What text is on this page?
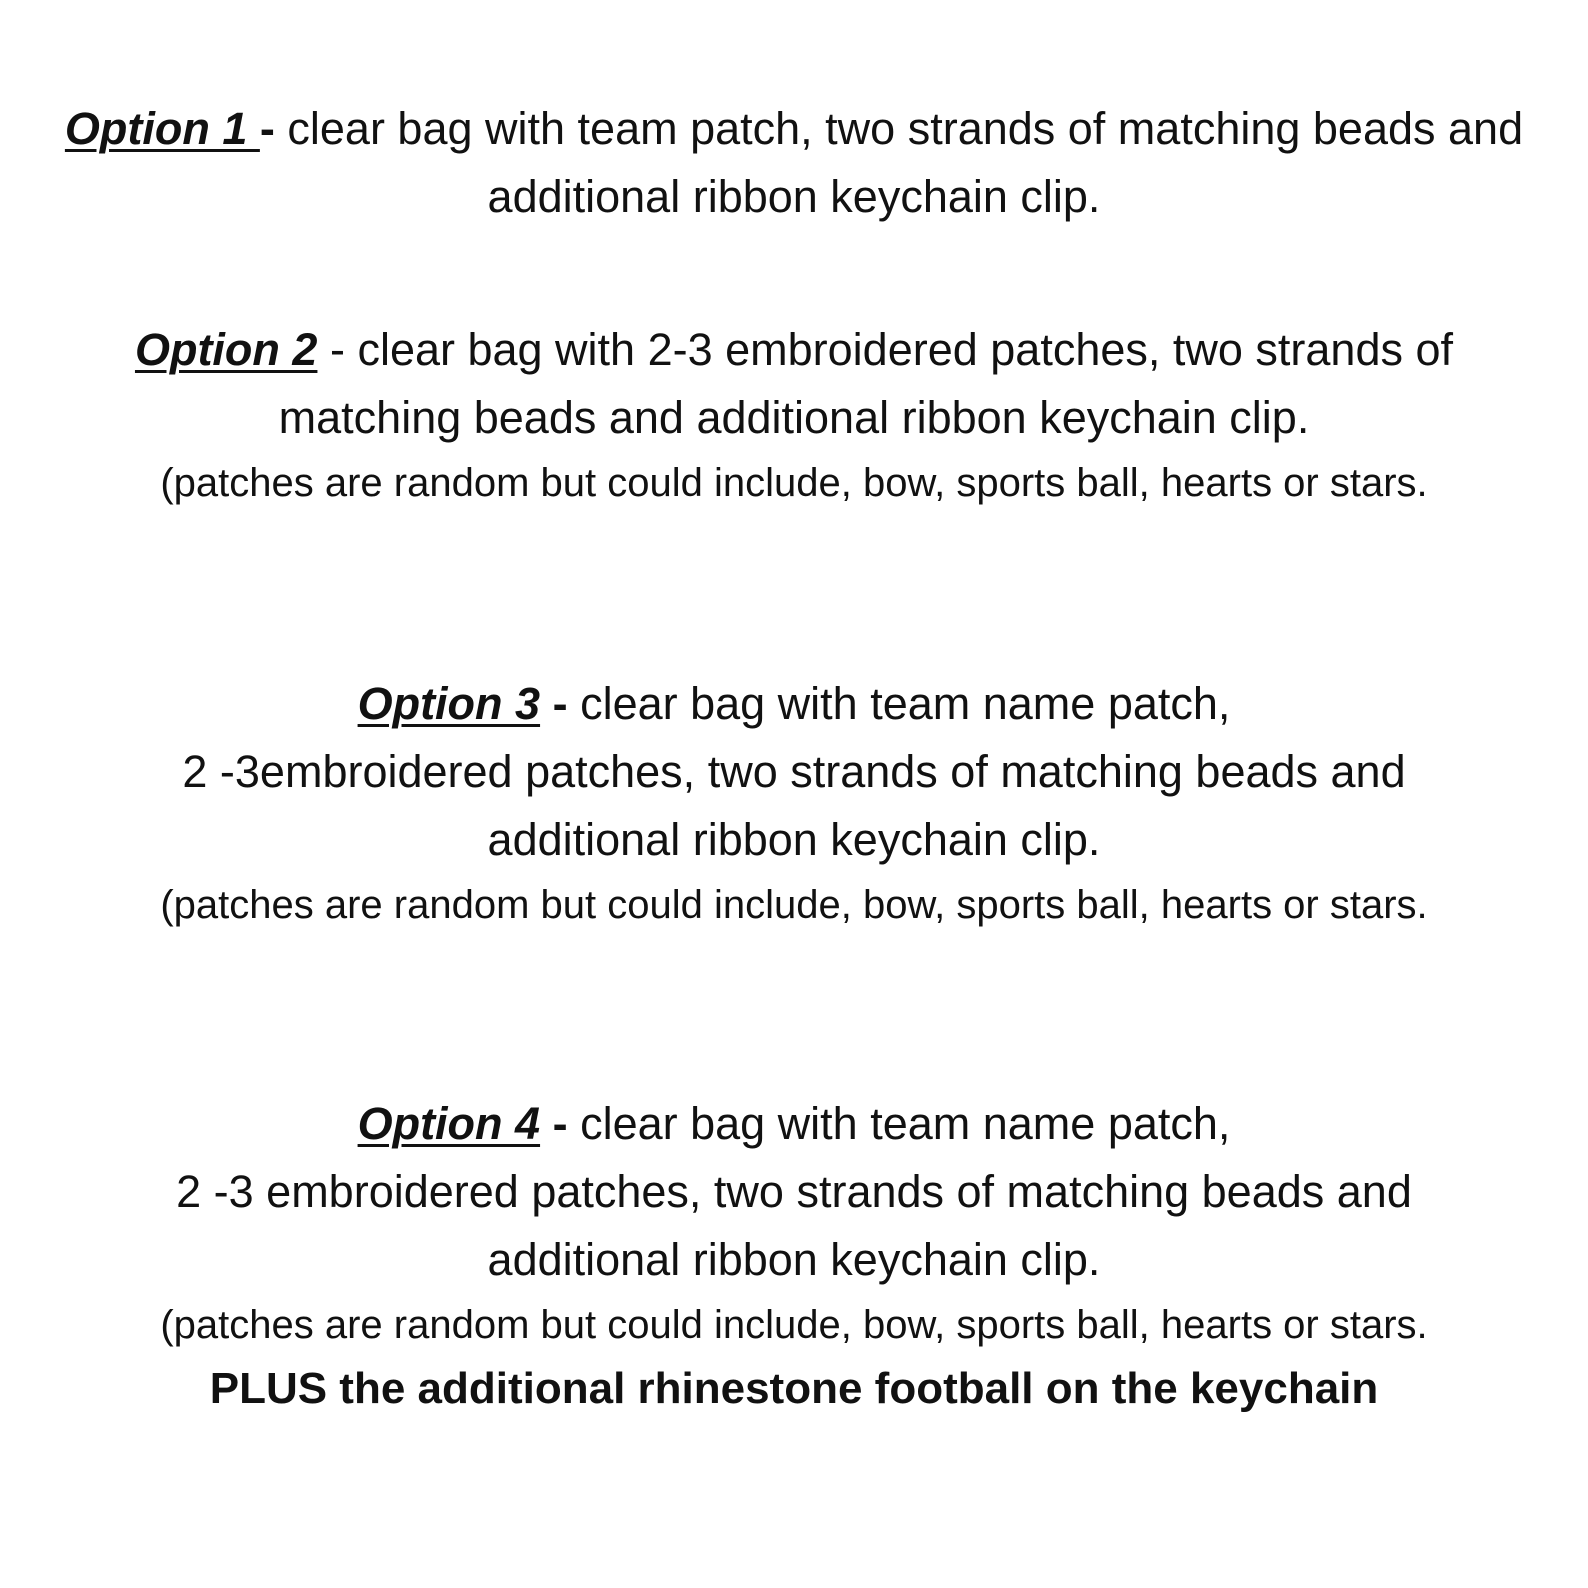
Option 1 - clear bag with team patch, two strands of matching beads and
additional ribbon keychain clip.
Option 2 - clear bag with 2-3 embroidered patches, two strands of
matching beads and additional ribbon keychain clip.
(patches are random but could include, bow, sports ball, hearts or stars.
Option 3 - clear bag with team name patch,
2 -3embroidered patches, two strands of matching beads and
additional ribbon keychain clip.
(patches are random but could include, bow, sports ball, hearts or stars.
Option 4 - clear bag with team name patch,
2 -3 embroidered patches, two strands of matching beads and
additional ribbon keychain clip.
(patches are random but could include, bow, sports ball, hearts or stars.
PLUS the additional rhinestone football on the keychain
